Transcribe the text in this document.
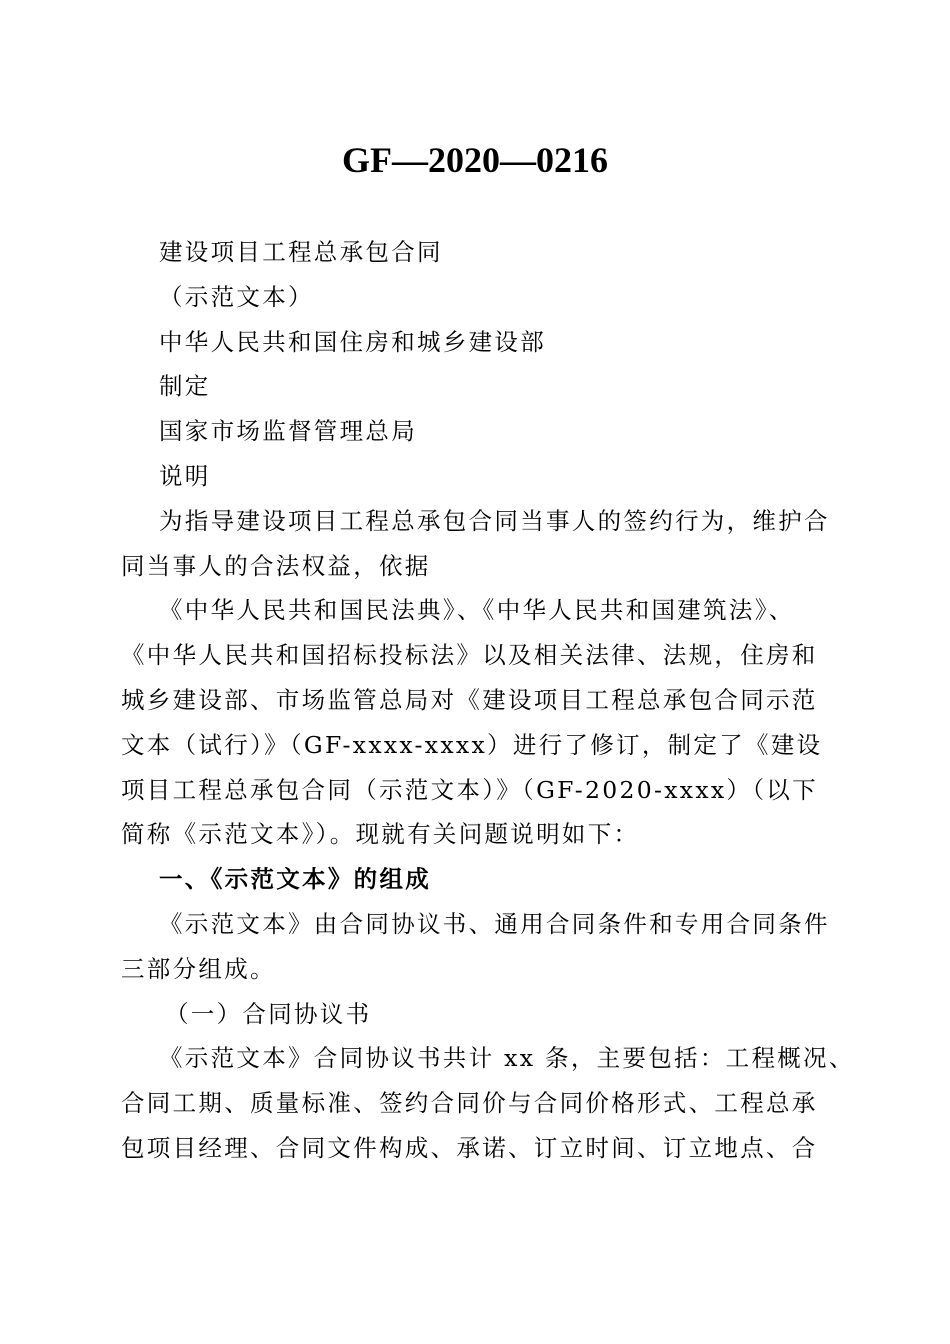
GF—2020—0216

建设项目工程总承包合同

（示范文本）

中华人民共和国住房和城乡建设部

制定

国家市场监督管理总局

说明

为指导建设项目工程总承包合同当事人的签约行为，维护合

同当事人的合法权益，依据

《中华人民共和国民法典》、《中华人民共和国建筑法》、

《中华人民共和国招标投标法》以及相关法律、法规，住房和

城乡建设部、市场监管总局对《建设项目工程总承包合同示范

文本（试行）》（GF-xxxx-xxxx）进行了修订，制定了《建设

项目工程总承包合同（示范文本）》（GF-2020-xxxx）（以下

简称《示范文本》）。现就有关问题说明如下：

一、《示范文本》的组成

《示范文本》由合同协议书、通用合同条件和专用合同条件

三部分组成。

（一）合同协议书

《示范文本》合同协议书共计 xx 条，主要包括：工程概况、

合同工期、质量标准、签约合同价与合同价格形式、工程总承

包项目经理、合同文件构成、承诺、订立时间、订立地点、合
